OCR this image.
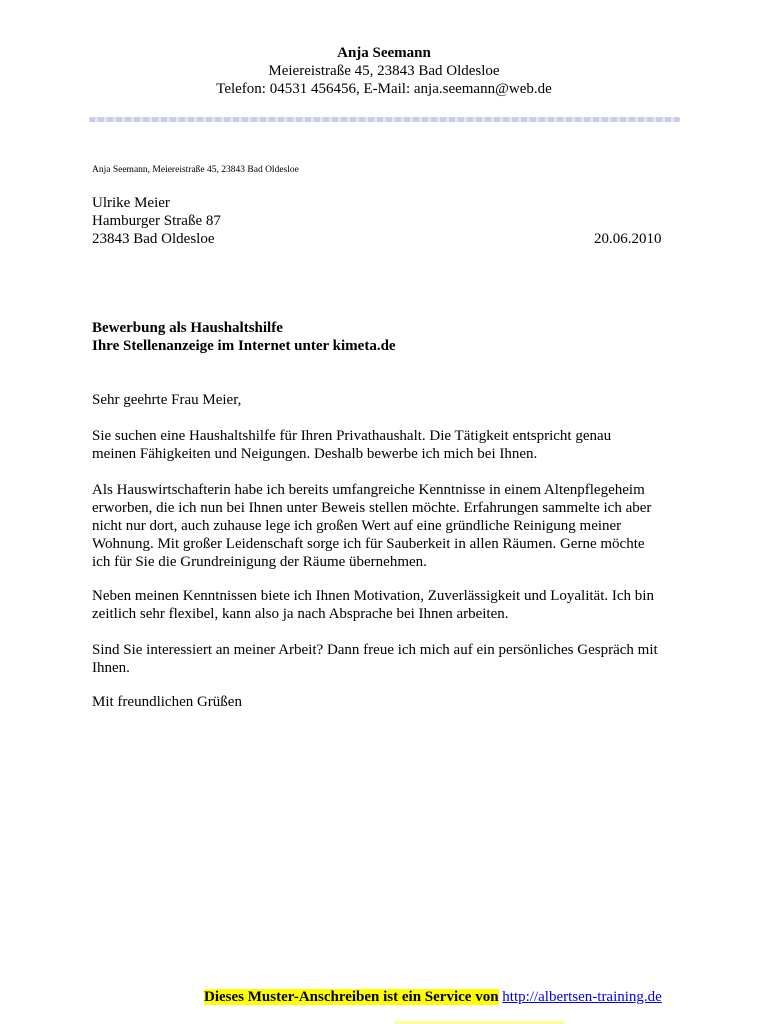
Anja Seemann
Meiereistraße 45, 23843 Bad Oldesloe
Telefon: 04531 456456, E-Mail: anja.seemann@web.de
Anja Seemann, Meiereistraße 45, 23843 Bad Oldesloe
Ulrike Meier
Hamburger Straße 87
23843 Bad Oldesloe	20.06.2010
Bewerbung als Haushaltshilfe
Ihre Stellenanzeige im Internet unter kimeta.de
Sehr geehrte Frau Meier,
Sie suchen eine Haushaltshilfe für Ihren Privathaushalt. Die Tätigkeit entspricht genau
meinen Fähigkeiten und Neigungen. Deshalb bewerbe ich mich bei Ihnen.
Als Hauswirtschafterin habe ich bereits umfangreiche Kenntnisse in einem Altenpflegeheim
erworben, die ich nun bei Ihnen unter Beweis stellen möchte. Erfahrungen sammelte ich aber
nicht nur dort, auch zuhause lege ich großen Wert auf eine gründliche Reinigung meiner
Wohnung. Mit großer Leidenschaft sorge ich für Sauberkeit in allen Räumen. Gerne möchte
ich für Sie die Grundreinigung der Räume übernehmen.
Neben meinen Kenntnissen biete ich Ihnen Motivation, Zuverlässigkeit und Loyalität. Ich bin
zeitlich sehr flexibel, kann also ja nach Absprache bei Ihnen arbeiten.
Sind Sie interessiert an meiner Arbeit? Dann freue ich mich auf ein persönliches Gespräch mit
Ihnen.
Mit freundlichen Grüßen
Dieses Muster-Anschreiben ist ein Service von http://albertsen-training.de
